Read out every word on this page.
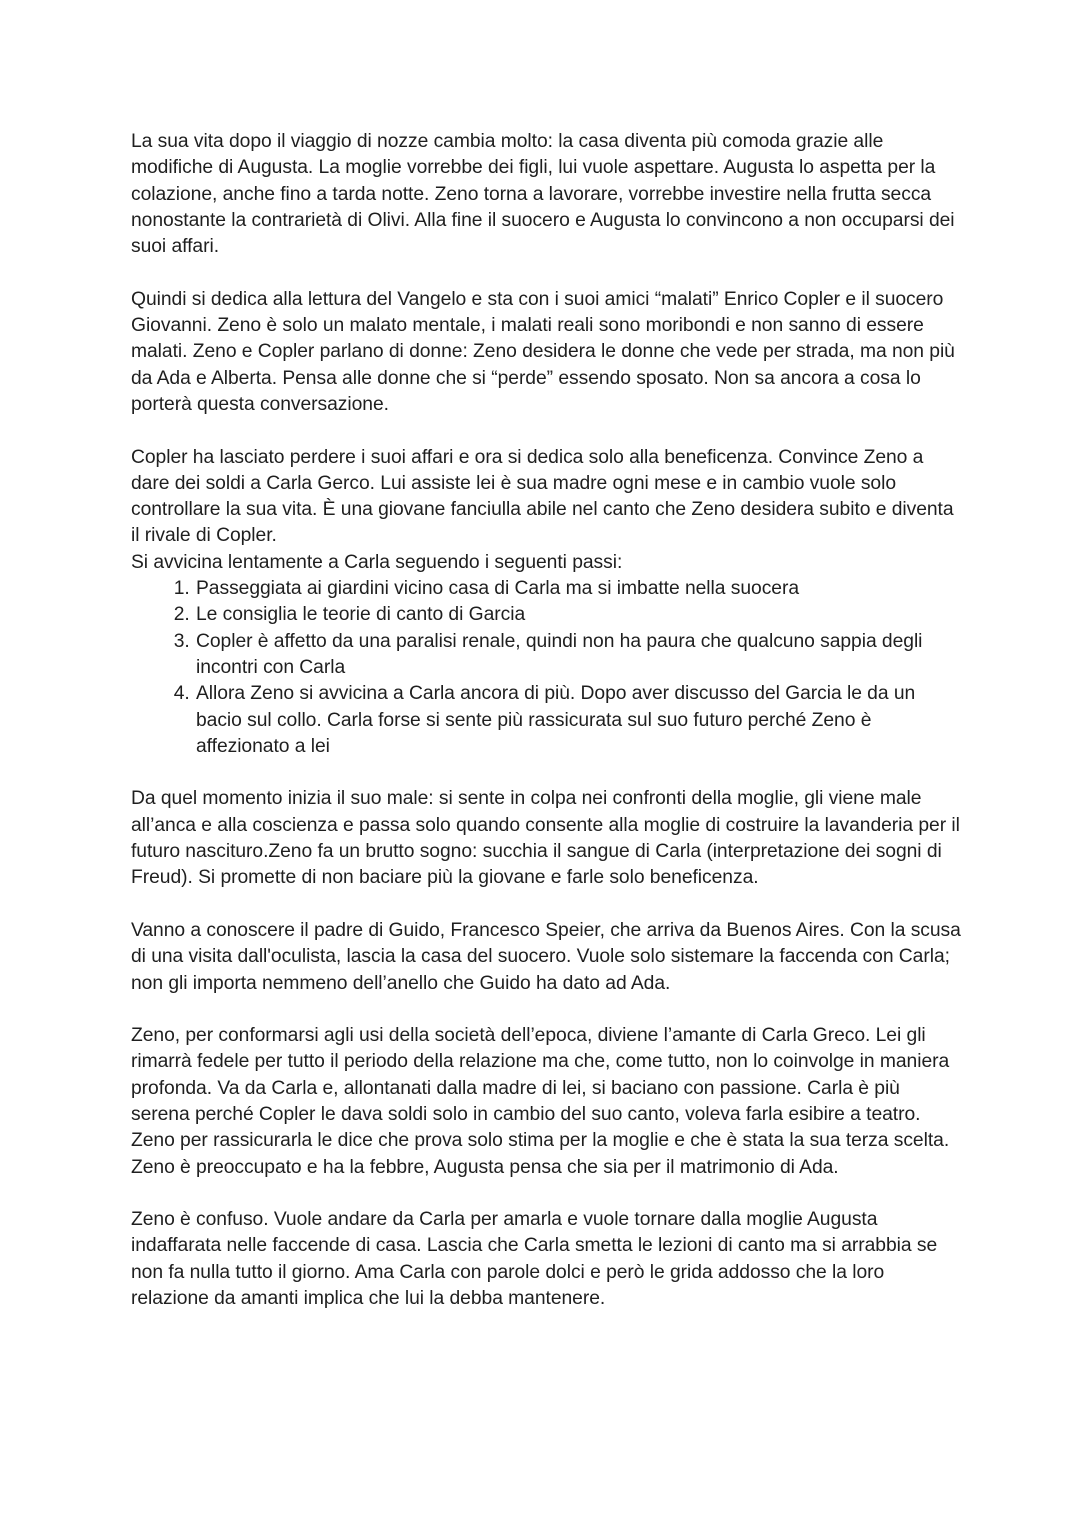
La sua vita dopo il viaggio di nozze cambia molto: la casa diventa più comoda grazie alle modifiche di Augusta. La moglie vorrebbe dei figli, lui vuole aspettare. Augusta lo aspetta per la colazione, anche fino a tarda notte. Zeno torna a lavorare, vorrebbe investire nella frutta secca nonostante la contrarietà di Olivi. Alla fine il suocero e Augusta lo convincono a non occuparsi dei suoi affari.

Quindi si dedica alla lettura del Vangelo e sta con i suoi amici “malati” Enrico Copler e il suocero Giovanni. Zeno è solo un malato mentale, i malati reali sono moribondi e non sanno di essere malati. Zeno e Copler parlano di donne: Zeno desidera le donne che vede per strada, ma non più da Ada e Alberta. Pensa alle donne che si “perde” essendo sposato. Non sa ancora a cosa lo porterà questa conversazione.

Copler ha lasciato perdere i suoi affari e ora si dedica solo alla beneficenza. Convince Zeno a dare dei soldi a Carla Gerco. Lui assiste lei è sua madre ogni mese e in cambio vuole solo controllare la sua vita. È una giovane fanciulla abile nel canto che Zeno desidera subito e diventa il rivale di Copler.

Si avvicina lentamente a Carla seguendo i seguenti passi:

1. Passeggiata ai giardini vicino casa di Carla ma si imbatte nella suocera
2. Le consiglia le teorie di canto di Garcia
3. Copler è affetto da una paralisi renale, quindi non ha paura che qualcuno sappia degli incontri con Carla
4. Allora Zeno si avvicina a Carla ancora di più. Dopo aver discusso del Garcia le da un bacio sul collo. Carla forse si sente più rassicurata sul suo futuro perché Zeno è affezionato a lei

Da quel momento inizia il suo male: si sente in colpa nei confronti della moglie, gli viene male all’anca e alla coscienza e passa solo quando consente alla moglie di costruire la lavanderia per il futuro nascituro.Zeno fa un brutto sogno: succhia il sangue di Carla (interpretazione dei sogni di Freud). Si promette di non baciare più la giovane e farle solo beneficenza.

Vanno a conoscere il padre di Guido, Francesco Speier, che arriva da Buenos Aires. Con la scusa di una visita dall'oculista, lascia la casa del suocero. Vuole solo sistemare la faccenda con Carla; non gli importa nemmeno dell’anello che Guido ha dato ad Ada.

Zeno, per conformarsi agli usi della società dell’epoca, diviene l’amante di Carla Greco. Lei gli rimarrà fedele per tutto il periodo della relazione ma che, come tutto, non lo coinvolge in maniera profonda. Va da Carla e, allontanati dalla madre di lei, si baciano con passione. Carla è più serena perché Copler le dava soldi solo in cambio del suo canto, voleva farla esibire a teatro. Zeno per rassicurarla le dice che prova solo stima per la moglie e che è stata la sua terza scelta. Zeno è preoccupato e ha la febbre, Augusta pensa che sia per il matrimonio di Ada.

Zeno è confuso. Vuole andare da Carla per amarla e vuole tornare dalla moglie Augusta indaffarata nelle faccende di casa. Lascia che Carla smetta le lezioni di canto ma si arrabbia se non fa nulla tutto il giorno. Ama Carla con parole dolci e però le grida addosso che la loro relazione da amanti implica che lui la debba mantenere.
